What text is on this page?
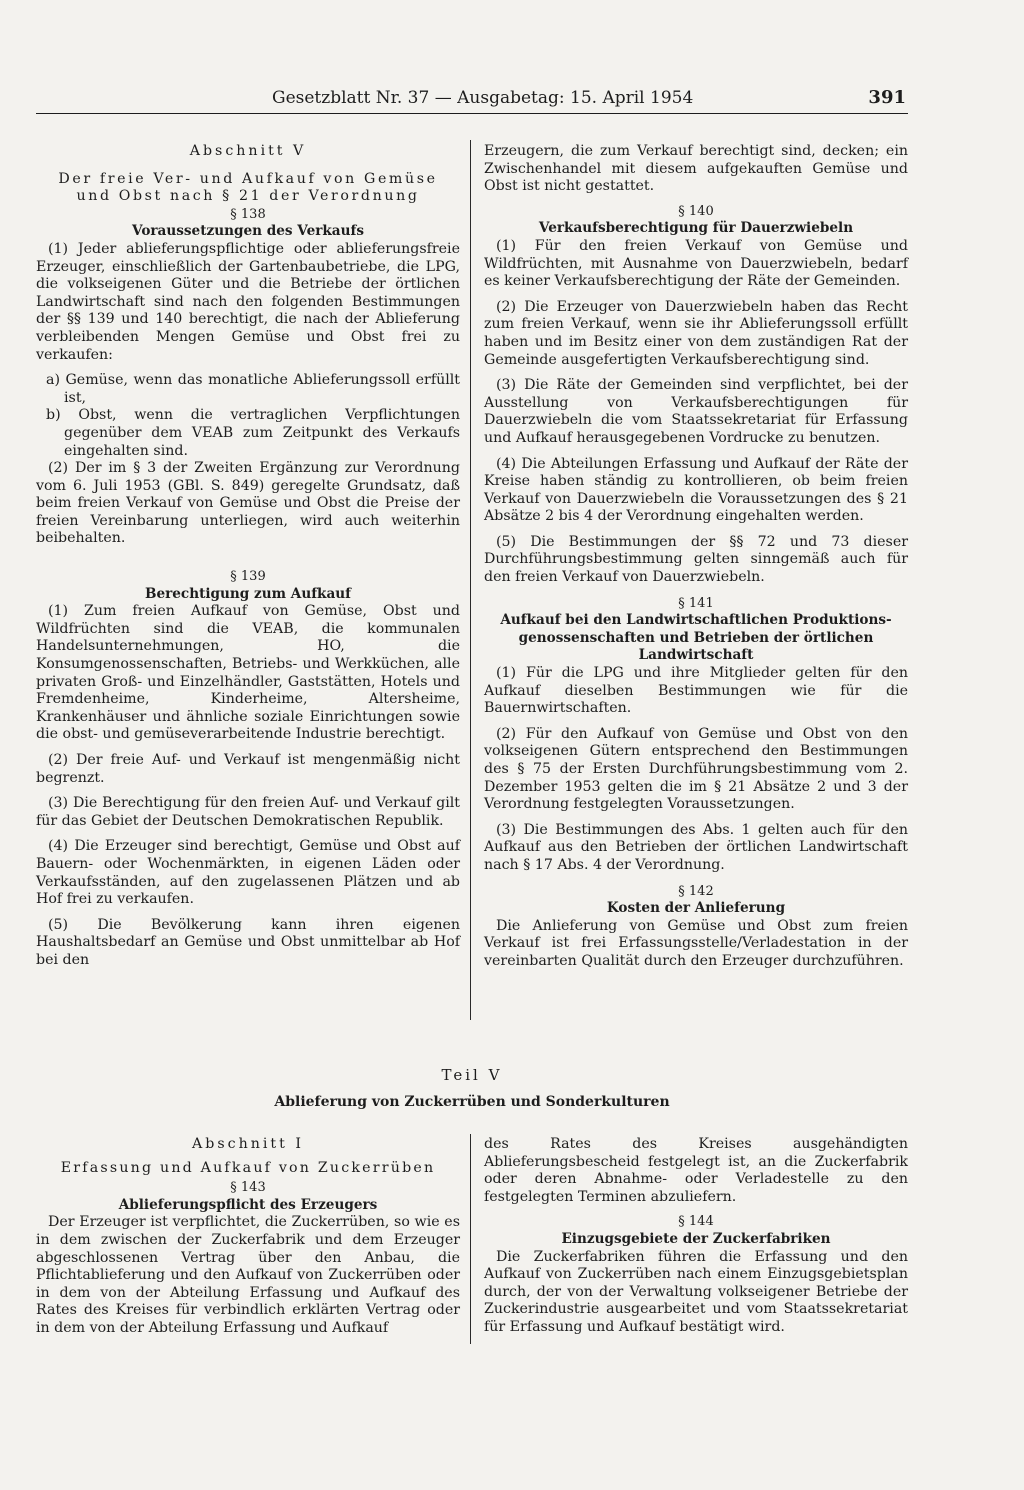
Gesetzblatt Nr. 37 — Ausgabetag: 15. April 1954	391

Abschnitt V

Der freie Ver- und Aufkauf von Gemüse

und Obst nach § 21 der Verordnung

§ 138

Voraussetzungen des Verkaufs

(1) Jeder ablieferungspflichtige oder ablieferungsfreie Erzeuger, einschließlich der Gartenbaubetriebe, die LPG, die volkseigenen Güter und die Betriebe der örtlichen Landwirtschaft sind nach den folgenden Bestimmungen der §§ 139 und 140 berechtigt, die nach der Ablieferung verbleibenden Mengen Gemüse und Obst frei zu verkaufen:

a) Gemüse, wenn das monatliche Ablieferungssoll erfüllt ist,

b) Obst, wenn die vertraglichen Verpflichtungen gegenüber dem VEAB zum Zeitpunkt des Verkaufs eingehalten sind.

(2) Der im § 3 der Zweiten Ergänzung zur Verordnung vom 6. Juli 1953 (GBl. S. 849) geregelte Grundsatz, daß beim freien Verkauf von Gemüse und Obst die Preise der freien Vereinbarung unterliegen, wird auch weiterhin beibehalten.

§ 139

Berechtigung zum Aufkauf

(1) Zum freien Aufkauf von Gemüse, Obst und Wildfrüchten sind die VEAB, die kommunalen Handelsunternehmungen, HO, die Konsumgenossenschaften, Betriebs- und Werkküchen, alle privaten Groß- und Einzelhändler, Gaststätten, Hotels und Fremdenheime, Kinderheime, Altersheime, Krankenhäuser und ähnliche soziale Einrichtungen sowie die obst- und gemüseverarbeitende Industrie berechtigt.

(2) Der freie Auf- und Verkauf ist mengenmäßig nicht begrenzt.

(3) Die Berechtigung für den freien Auf- und Verkauf gilt für das Gebiet der Deutschen Demokratischen Republik.

(4) Die Erzeuger sind berechtigt, Gemüse und Obst auf Bauern- oder Wochenmärkten, in eigenen Läden oder Verkaufsständen, auf den zugelassenen Plätzen und ab Hof frei zu verkaufen.

(5) Die Bevölkerung kann ihren eigenen Haushaltsbedarf an Gemüse und Obst unmittelbar ab Hof bei den

Erzeugern, die zum Verkauf berechtigt sind, decken; ein Zwischenhandel mit diesem aufgekauften Gemüse und Obst ist nicht gestattet.

§ 140

Verkaufsberechtigung für Dauerzwiebeln

(1) Für den freien Verkauf von Gemüse und Wildfrüchten, mit Ausnahme von Dauerzwiebeln, bedarf es keiner Verkaufsberechtigung der Räte der Gemeinden.

(2) Die Erzeuger von Dauerzwiebeln haben das Recht zum freien Verkauf, wenn sie ihr Ablieferungssoll erfüllt haben und im Besitz einer von dem zuständigen Rat der Gemeinde ausgefertigten Verkaufsberechtigung sind.

(3) Die Räte der Gemeinden sind verpflichtet, bei der Ausstellung von Verkaufsberechtigungen für Dauerzwiebeln die vom Staatssekretariat für Erfassung und Aufkauf herausgegebenen Vordrucke zu benutzen.

(4) Die Abteilungen Erfassung und Aufkauf der Räte der Kreise haben ständig zu kontrollieren, ob beim freien Verkauf von Dauerzwiebeln die Voraussetzungen des § 21 Absätze 2 bis 4 der Verordnung eingehalten werden.

(5) Die Bestimmungen der §§ 72 und 73 dieser Durchführungsbestimmung gelten sinngemäß auch für den freien Verkauf von Dauerzwiebeln.

§ 141

Aufkauf bei den Landwirtschaftlichen Produktions-

genossenschaften und Betrieben der örtlichen

Landwirtschaft

(1) Für die LPG und ihre Mitglieder gelten für den Aufkauf dieselben Bestimmungen wie für die Bauernwirtschaften.

(2) Für den Aufkauf von Gemüse und Obst von den volkseigenen Gütern entsprechend den Bestimmungen des § 75 der Ersten Durchführungsbestimmung vom 2. Dezember 1953 gelten die im § 21 Absätze 2 und 3 der Verordnung festgelegten Voraussetzungen.

(3) Die Bestimmungen des Abs. 1 gelten auch für den Aufkauf aus den Betrieben der örtlichen Landwirtschaft nach § 17 Abs. 4 der Verordnung.

§ 142

Kosten der Anlieferung

Die Anlieferung von Gemüse und Obst zum freien Verkauf ist frei Erfassungsstelle/Verladestation in der vereinbarten Qualität durch den Erzeuger durchzuführen.

Teil V
Ablieferung von Zuckerrüben und Sonderkulturen

Abschnitt I

Erfassung und Aufkauf von Zuckerrüben

§ 143

Ablieferungspflicht des Erzeugers

Der Erzeuger ist verpflichtet, die Zuckerrüben, so wie es in dem zwischen der Zuckerfabrik und dem Erzeuger abgeschlossenen Vertrag über den Anbau, die Pflichtablieferung und den Aufkauf von Zuckerrüben oder in dem von der Abteilung Erfassung und Aufkauf des Rates des Kreises für verbindlich erklärten Vertrag oder in dem von der Abteilung Erfassung und Aufkauf

des Rates des Kreises ausgehändigten Ablieferungsbescheid festgelegt ist, an die Zuckerfabrik oder deren Abnahme- oder Verladestelle zu den festgelegten Terminen abzuliefern.

§ 144

Einzugsgebiete der Zuckerfabriken

Die Zuckerfabriken führen die Erfassung und den Aufkauf von Zuckerrüben nach einem Einzugsgebietsplan durch, der von der Verwaltung volkseigener Betriebe der Zuckerindustrie ausgearbeitet und vom Staatssekretariat für Erfassung und Aufkauf bestätigt wird.
